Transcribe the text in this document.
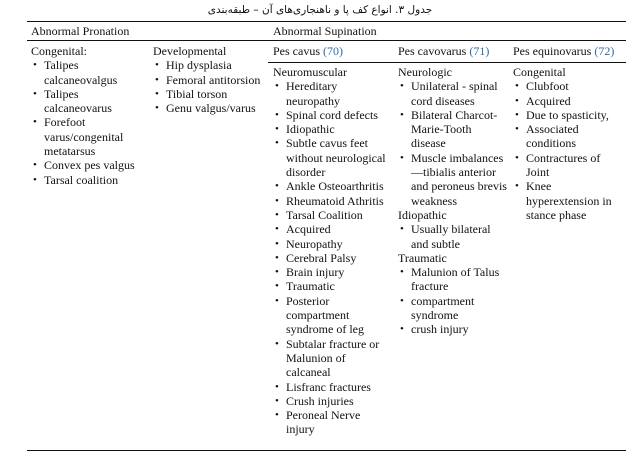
جدول ۳. انواع کف پا و ناهنجاری‌های آن – طبقه‌بندی
Abnormal Pronation	Abnormal Supination
Pes cavus (70)	Pes cavovarus (71) Pes equinovarus (72)
Congenital:
• Talipes calcaneovalgus
• Talipes calcaneovarus
• Forefoot varus/congenital metatarsus
• Convex pes valgus
• Tarsal coalition
Developmental
• Hip dysplasia
• Femoral antitorsion
• Tibial torson
• Genu valgus/varus
Neuromuscular
• Hereditary neuropathy
• Spinal cord defects
• Idiopathic
• Subtle cavus feet without neurological disorder
• Ankle Osteoarthritis
• Rheumatoid Athritis
• Tarsal Coalition
• Acquired
• Neuropathy
• Cerebral Palsy
• Brain injury
• Traumatic
• Posterior compartment syndrome of leg
• Subtalar fracture or Malunion of calcaneal
• Lisfranc fractures
• Crush injuries
• Peroneal Nerve injury
Neurologic
• Unilateral - spinal cord diseases
• Bilateral Charcot-Marie-Tooth disease
• Muscle imbalances—tibialis anterior and peroneus brevis weakness
Idiopathic
• Usually bilateral and subtle
Traumatic
• Malunion of Talus fracture
• compartment syndrome
• crush injury
Congenital
• Clubfoot
• Acquired
• Due to spasticity,
• Associated conditions
• Contractures of Joint
• Knee hyperextension in stance phase
